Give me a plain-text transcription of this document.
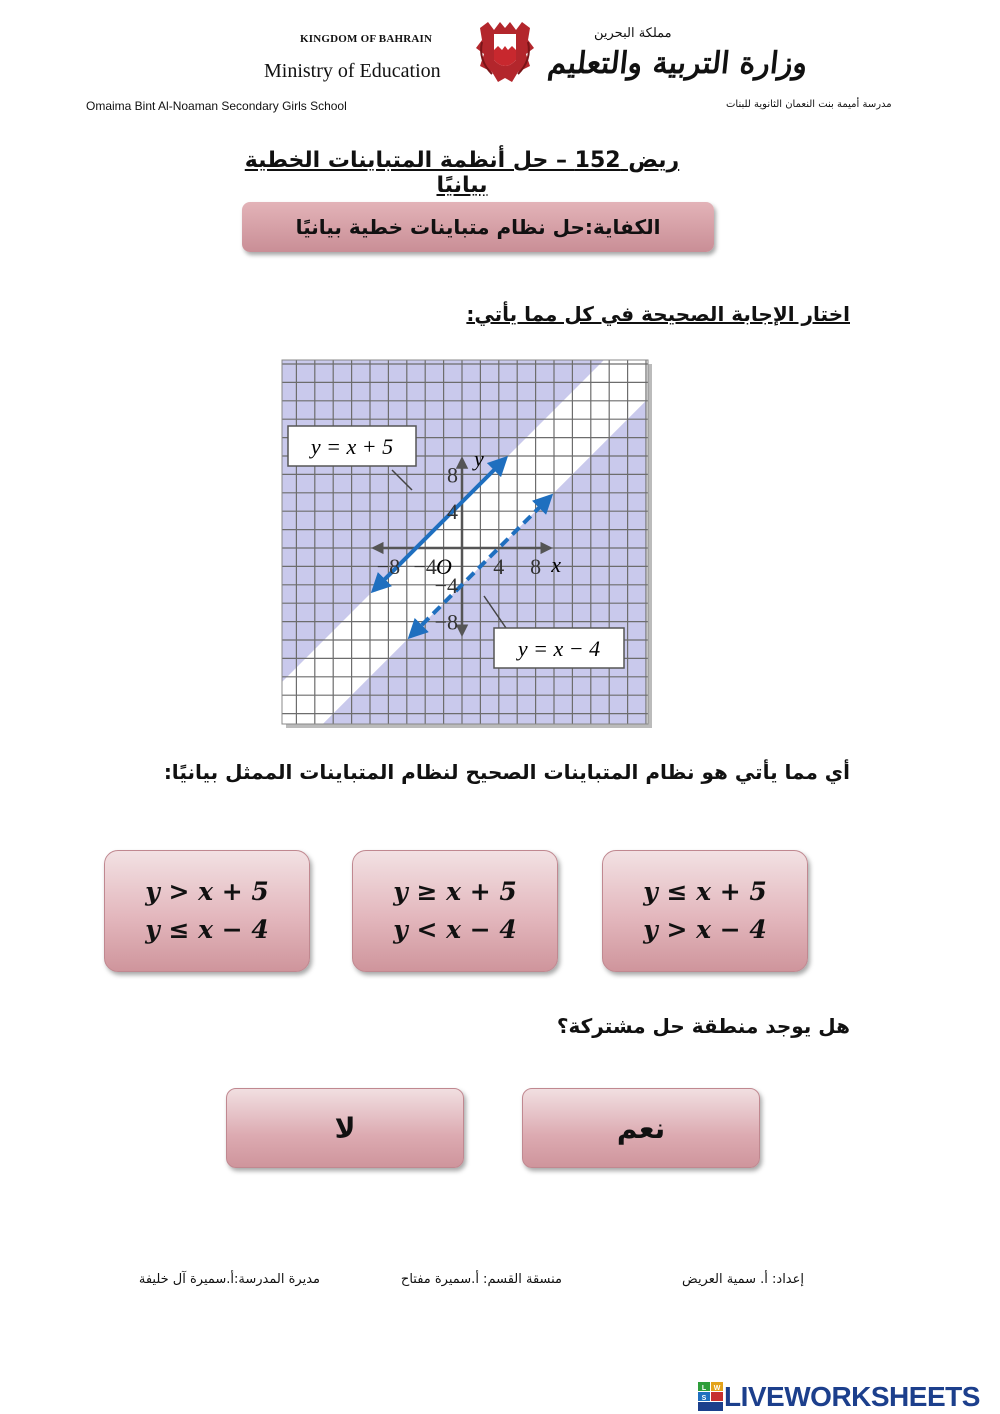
KINGDOM OF BAHRAIN
Ministry of Education
مملكة البحرين
وزارة التربية والتعليم
Omaima Bint Al-Noaman Secondary Girls School	مدرسة أميمة بنت النعمان الثانوية للبنات
ريض 152 – حل أنظمة المتباينات الخطية بيانيًا
الكفاية:حل نظام متباينات خطية بيانيًا
اختار الإجابة الصحيحة في كل مما يأتي:
−8 −4	4 8
8
4
−4
−8
x
y
O
y = x + 5
y = x − 4
أي مما يأتي هو نظام المتباينات الصحيح لنظام المتباينات الممثل بيانيًا:
y > x + 5
y ≤ x − 4
y ≥ x + 5
y < x − 4
y ≤ x + 5
y > x − 4
هل يوجد منطقة حل مشتركة؟
لا	نعم
مديرة المدرسة:أ.سميرة آل خليفة	منسقة القسم: أ.سميرة مفتاح	إعداد: أ. سمية العريض
L W
S LIVEWORKSHEETS
